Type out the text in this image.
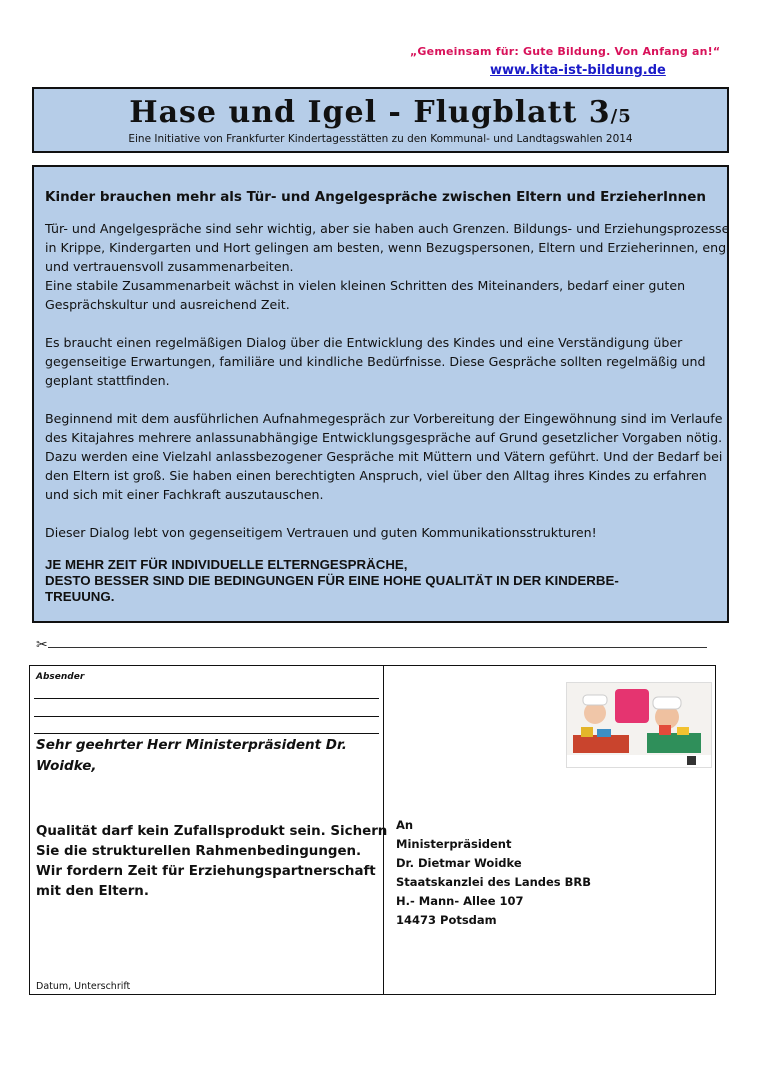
„Gemeinsam für: Gute Bildung. Von Anfang an!“
www.kita-ist-bildung.de
Hase und Igel - Flugblatt 3/5
Eine Initiative von Frankfurter Kindertagesstätten zu den Kommunal- und Landtagswahlen 2014
Kinder brauchen mehr als Tür- und Angelgespräche zwischen Eltern und ErzieherInnen
Tür- und Angelgespräche sind sehr wichtig, aber sie haben auch Grenzen. Bildungs- und Erziehungsprozesse
in Krippe, Kindergarten und Hort gelingen am besten, wenn Bezugspersonen, Eltern und Erzieherinnen, eng
und vertrauensvoll zusammenarbeiten.
Eine stabile Zusammenarbeit wächst in vielen kleinen Schritten des Miteinanders, bedarf einer guten
Gesprächskultur und ausreichend Zeit.
Es braucht einen regelmäßigen Dialog über die Entwicklung des Kindes und eine Verständigung über
gegenseitige Erwartungen, familiäre und kindliche Bedürfnisse. Diese Gespräche sollten regelmäßig und
geplant stattfinden.
Beginnend mit dem ausführlichen Aufnahmegespräch zur Vorbereitung der Eingewöhnung sind im Verlaufe
des Kitajahres mehrere anlassunabhängige Entwicklungsgespräche auf Grund gesetzlicher Vorgaben nötig.
Dazu werden eine Vielzahl anlassbezogener Gespräche mit Müttern und Vätern geführt. Und der Bedarf bei
den Eltern ist groß. Sie haben einen berechtigten Anspruch, viel über den Alltag ihres Kindes zu erfahren
und sich mit einer Fachkraft auszutauschen.
Dieser Dialog lebt von gegenseitigem Vertrauen und guten Kommunikationsstrukturen!
JE MEHR ZEIT FÜR INDIVIDUELLE ELTERNGESPRÄCHE,
DESTO BESSER SIND DIE BEDINGUNGEN FÜR EINE HOHE QUALITÄT IN DER KINDERBE-
TREUUNG.
✂
Absender
Sehr geehrter Herr Ministerpräsident Dr. Woidke,
Qualität darf kein Zufallsprodukt sein. Sichern
Sie die strukturellen Rahmenbedingungen.
Wir fordern Zeit für Erziehungspartnerschaft
mit den Eltern.
Datum, Unterschrift
An
Ministerpräsident
Dr. Dietmar Woidke
Staatskanzlei des Landes BRB
H.- Mann- Allee 107
14473 Potsdam
